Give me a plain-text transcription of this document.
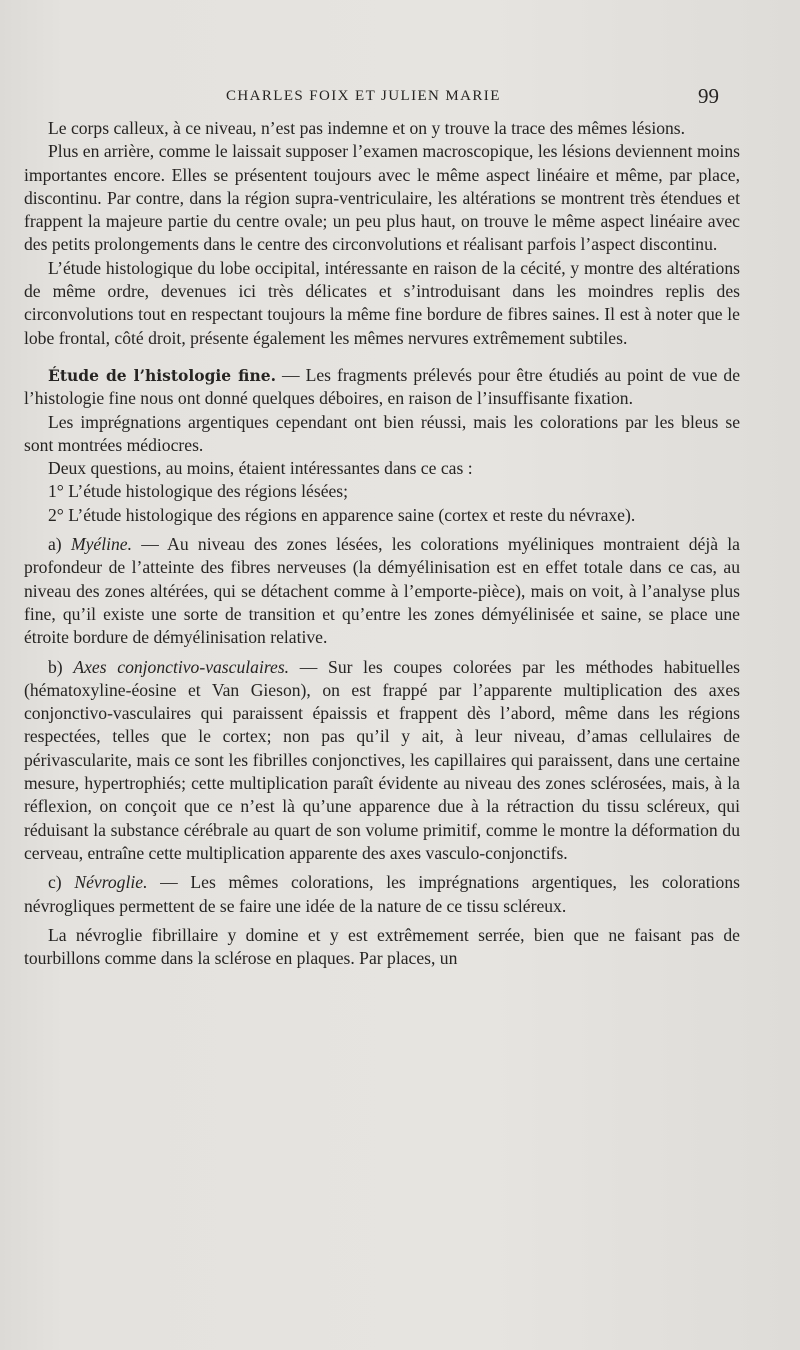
CHARLES FOIX ET JULIEN MARIE	99

Le corps calleux, à ce niveau, n’est pas indemne et on y trouve la trace des mêmes lésions.

Plus en arrière, comme le laissait supposer l’examen macroscopique, les lésions deviennent moins importantes encore. Elles se présentent toujours avec le même aspect linéaire et même, par place, discontinu. Par contre, dans la région supra-ventriculaire, les altérations se montrent très étendues et frappent la majeure partie du centre ovale; un peu plus haut, on trouve le même aspect linéaire avec des petits prolongements dans le centre des circonvolutions et réalisant parfois l’aspect discontinu.

L’étude histologique du lobe occipital, intéressante en raison de la cécité, y montre des altérations de même ordre, devenues ici très délicates et s’introduisant dans les moindres replis des circonvolutions tout en respectant toujours la même fine bordure de fibres saines. Il est à noter que le lobe frontal, côté droit, présente également les mêmes nervures extrêmement subtiles.

Étude de l’histologie fine. — Les fragments prélevés pour être étudiés au point de vue de l’histologie fine nous ont donné quelques déboires, en raison de l’insuffisante fixation.

Les imprégnations argentiques cependant ont bien réussi, mais les colorations par les bleus se sont montrées médiocres.

Deux questions, au moins, étaient intéressantes dans ce cas :

1° L’étude histologique des régions lésées;

2° L’étude histologique des régions en apparence saine (cortex et reste du névraxe).

a) Myéline. — Au niveau des zones lésées, les colorations myéliniques montraient déjà la profondeur de l’atteinte des fibres nerveuses (la démyélinisation est en effet totale dans ce cas, au niveau des zones altérées, qui se détachent comme à l’emporte-pièce), mais on voit, à l’analyse plus fine, qu’il existe une sorte de transition et qu’entre les zones démyélinisée et saine, se place une étroite bordure de démyélinisation relative.

b) Axes conjonctivo-vasculaires. — Sur les coupes colorées par les méthodes habituelles (hématoxyline-éosine et Van Gieson), on est frappé par l’apparente multiplication des axes conjonctivo-vasculaires qui paraissent épaissis et frappent dès l’abord, même dans les régions respectées, telles que le cortex; non pas qu’il y ait, à leur niveau, d’amas cellulaires de périvascularite, mais ce sont les fibrilles conjonctives, les capillaires qui paraissent, dans une certaine mesure, hypertrophiés; cette multiplication paraît évidente au niveau des zones sclérosées, mais, à la réflexion, on conçoit que ce n’est là qu’une apparence due à la rétraction du tissu scléreux, qui réduisant la substance cérébrale au quart de son volume primitif, comme le montre la déformation du cerveau, entraîne cette multiplication apparente des axes vasculo-conjonctifs.

c) Névroglie. — Les mêmes colorations, les imprégnations argentiques, les colorations névrogliques permettent de se faire une idée de la nature de ce tissu scléreux.

La névroglie fibrillaire y domine et y est extrêmement serrée, bien que ne faisant pas de tourbillons comme dans la sclérose en plaques. Par places, un
